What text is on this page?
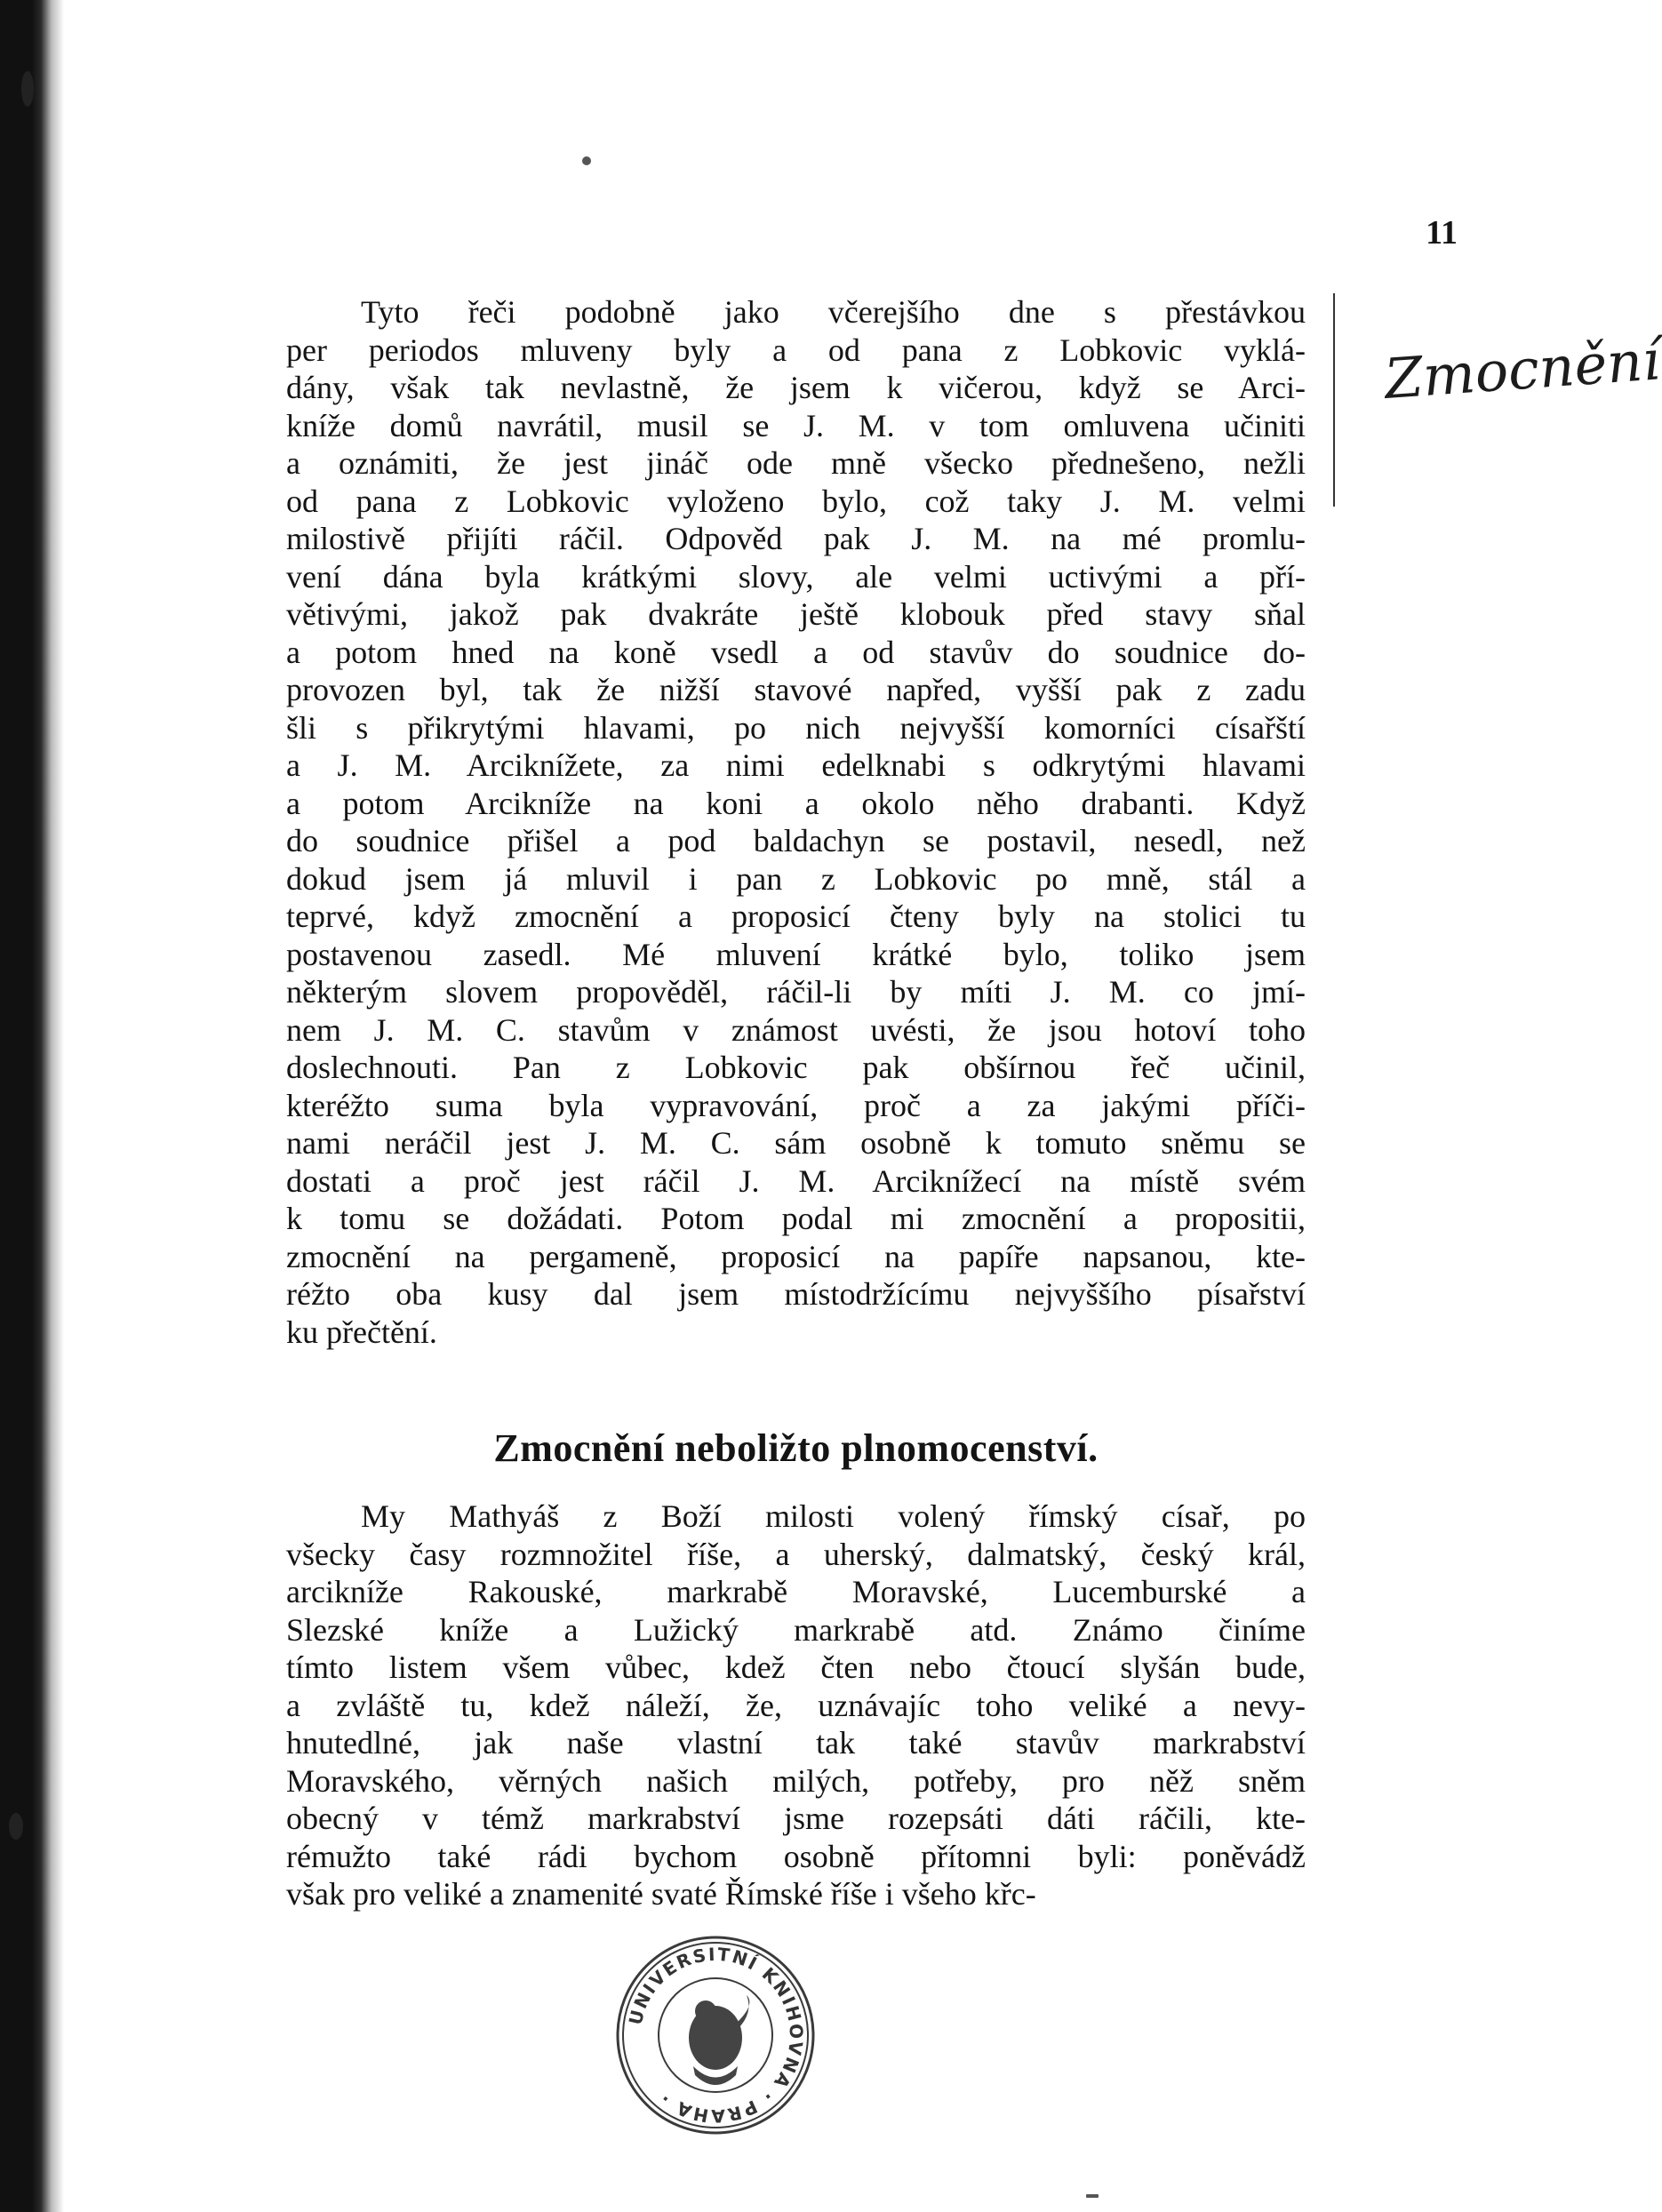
11
Zmocnění
Tyto řeči podobně jako včerejšího dne s přestávkou
per periodos mluveny byly a od pana z Lobkovic vyklá-
dány, však tak nevlastně, že jsem k vičerou, když se Arci-
kníže domů navrátil, musil se J. M. v tom omluvena učiniti
a oznámiti, že jest jináč ode mně všecko přednešeno, nežli
od pana z Lobkovic vyloženo bylo, což taky J. M. velmi
milostivě přijíti ráčil. Odpověd pak J. M. na mé promlu-
vení dána byla krátkými slovy, ale velmi uctivými a pří-
větivými, jakož pak dvakráte ještě klobouk před stavy sňal
a potom hned na koně vsedl a od stavův do soudnice do-
provozen byl, tak že nižší stavové napřed, vyšší pak z zadu
šli s přikrytými hlavami, po nich nejvyšší komorníci císařští
a J. M. Arciknížete, za nimi edelknabi s odkrytými hlavami
a potom Arcikníže na koni a okolo něho drabanti. Když
do soudnice přišel a pod baldachyn se postavil, nesedl, než
dokud jsem já mluvil i pan z Lobkovic po mně, stál a
teprvé, když zmocnění a proposicí čteny byly na stolici tu
postavenou zasedl. Mé mluvení krátké bylo, toliko jsem
některým slovem propověděl, ráčil-li by míti J. M. co jmí-
nem J. M. C. stavům v známost uvésti, že jsou hotoví toho
doslechnouti. Pan z Lobkovic pak obšírnou řeč učinil,
kteréžto suma byla vypravování, proč a za jakými příči-
nami neráčil jest J. M. C. sám osobně k tomuto sněmu se
dostati a proč jest ráčil J. M. Arciknížecí na místě svém
k tomu se dožádati. Potom podal mi zmocnění a propositii,
zmocnění na pergameně, proposicí na papíře napsanou, kte-
réžto oba kusy dal jsem místodržícímu nejvyššího písařství
ku přečtění.
Zmocnění neboližto plnomocenství.
My Mathyáš z Boží milosti volený římský císař, po
všecky časy rozmnožitel říše, a uherský, dalmatský, český král,
arcikníže Rakouské, markrabě Moravské, Lucemburské a
Slezské kníže a Lužický markrabě atd. Známo činíme
tímto listem všem vůbec, kdež čten nebo čtoucí slyšán bude,
a zvláště tu, kdež náleží, že, uznávajíc toho veliké a nevy-
hnutedlné, jak naše vlastní tak také stavův markrabství
Moravského, věrných našich milých, potřeby, pro něž sněm
obecný v témž markrabství jsme rozepsáti dáti ráčili, kte-
rémužto také rádi bychom osobně přítomni byli: poněvádž
však pro veliké a znamenité svaté Římské říše i všeho křc-
UNIVERSITNÍ KNIHOVNA · PRAHA ·
